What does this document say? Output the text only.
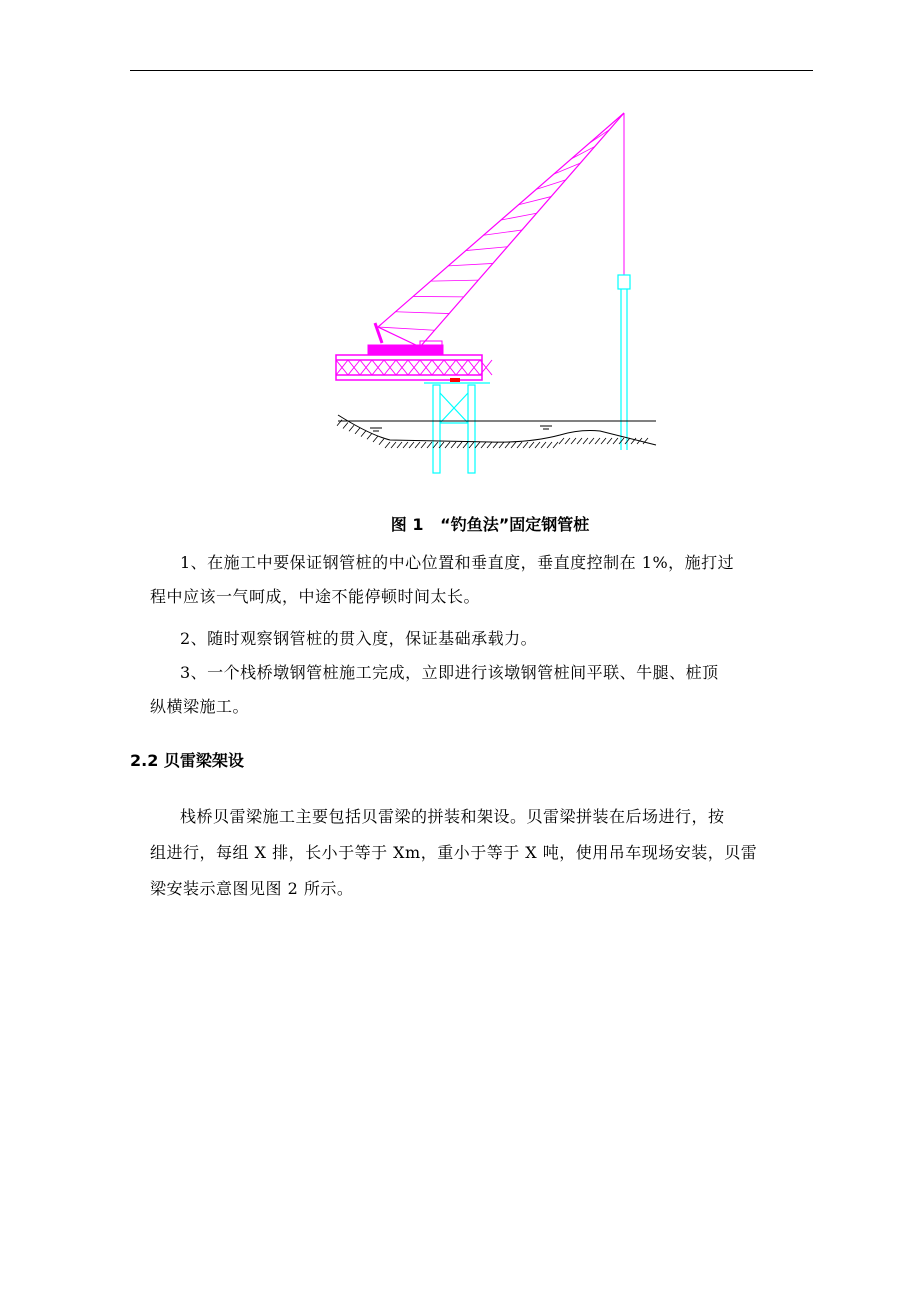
图 1   “钓鱼法”固定钢管桩
1、在施工中要保证钢管桩的中心位置和垂直度，垂直度控制在 1%，施打过
程中应该一气呵成，中途不能停顿时间太长。
2、随时观察钢管桩的贯入度，保证基础承载力。
3、一个栈桥墩钢管桩施工完成，立即进行该墩钢管桩间平联、牛腿、桩顶
纵横梁施工。
2.2 贝雷梁架设
栈桥贝雷梁施工主要包括贝雷梁的拼装和架设。贝雷梁拼装在后场进行，按
组进行，每组 X 排，长小于等于 Xm，重小于等于 X 吨，使用吊车现场安装，贝雷
梁安装示意图见图 2 所示。
